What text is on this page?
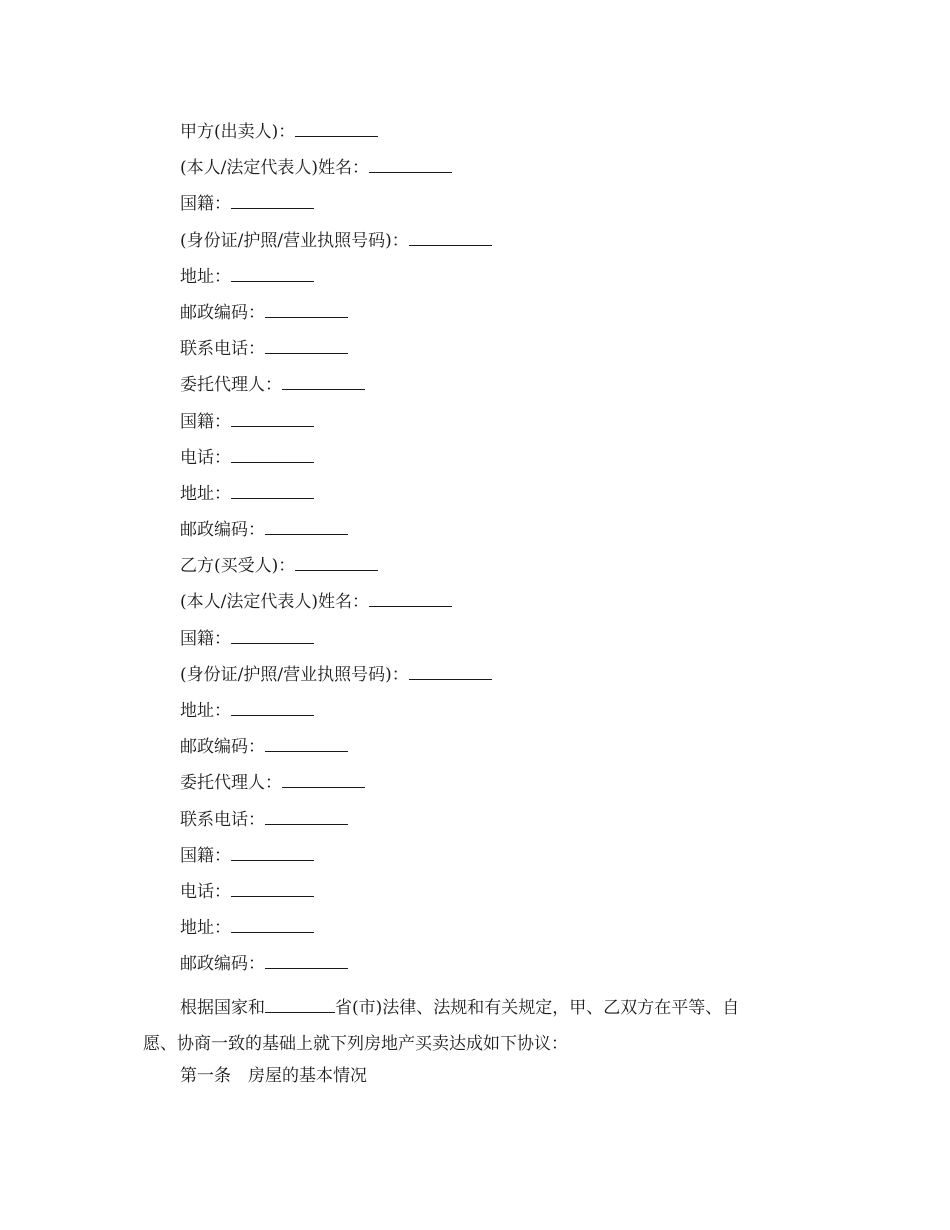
甲方(出卖人)：
(本人/法定代表人)姓名：
国籍：
(身份证/护照/营业执照号码)：
地址：
邮政编码：
联系电话：
委托代理人：
国籍：
电话：
地址：
邮政编码：
乙方(买受人)：
(本人/法定代表人)姓名：
国籍：
(身份证/护照/营业执照号码)：
地址：
邮政编码：
委托代理人：
联系电话：
国籍：
电话：
地址：
邮政编码：
根据国家和	省(市)法律、法规和有关规定，甲、乙双方在平等、自
愿、协商一致的基础上就下列房地产买卖达成如下协议：
第一条　房屋的基本情况
